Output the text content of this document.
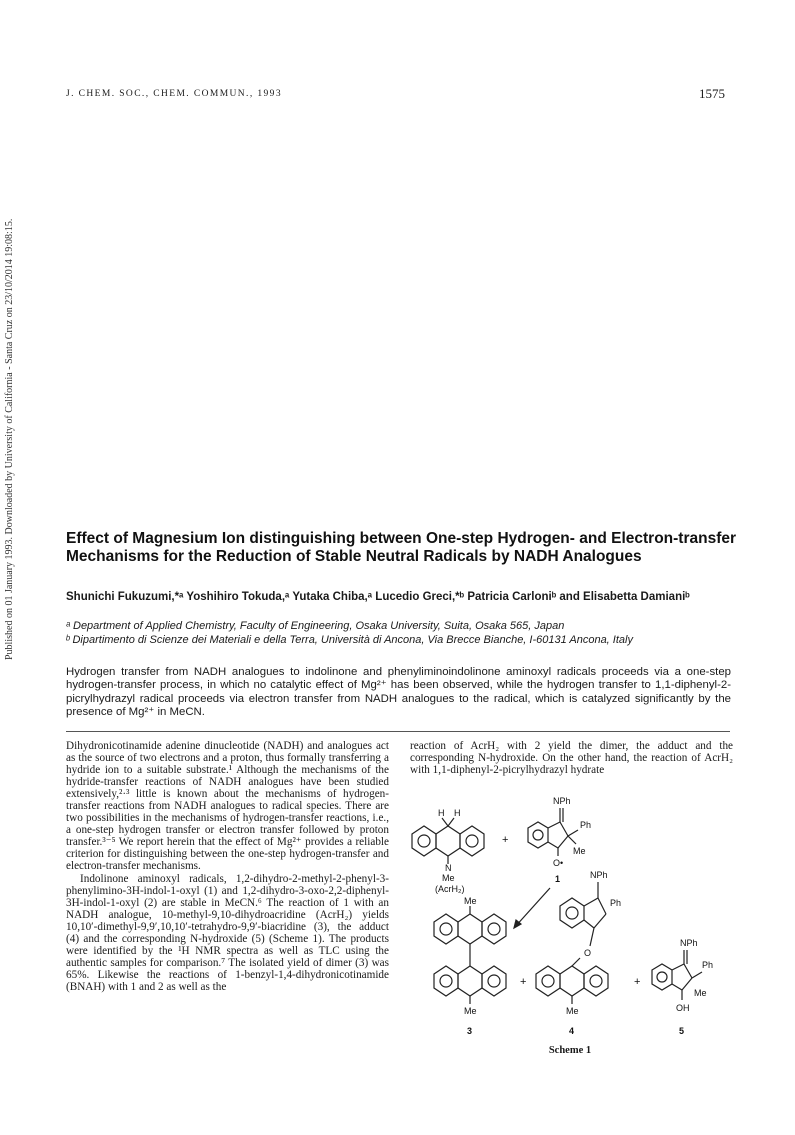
J. CHEM. SOC., CHEM. COMMUN., 1993	1575
Published on 01 January 1993. Downloaded by University of California - Santa Cruz on 23/10/2014 19:08:15.	Effect of Magnesium Ion distinguishing between One-step Hydrogen- and Electron-transfer Mechanisms for the Reduction of Stable Neutral Radicals by NADH Analogues
Shunichi Fukuzumi,*ᵃ Yoshihiro Tokuda,ᵃ Yutaka Chiba,ᵃ Lucedio Greci,*ᵇ Patricia Carloniᵇ and Elisabetta Damianiᵇ
ᵃ Department of Applied Chemistry, Faculty of Engineering, Osaka University, Suita, Osaka 565, Japan
ᵇ Dipartimento di Scienze dei Materiali e della Terra, Università di Ancona, Via Brecce Bianche, I-60131 Ancona, Italy
Hydrogen transfer from NADH analogues to indolinone and phenyliminoindolinone aminoxyl radicals proceeds via a one-step hydrogen-transfer process, in which no catalytic effect of Mg²⁺ has been observed, while the hydrogen transfer to 1,1-diphenyl-2-picrylhydrazyl radical proceeds via electron transfer from NADH analogues to the radical, which is catalyzed significantly by the presence of Mg²⁺ in MeCN.

Dihydronicotinamide adenine dinucleotide (NADH) and analogues act as the source of two electrons and a proton, thus formally transferring a hydride ion to a suitable substrate.¹ Although the mechanisms of the hydride-transfer reactions of NADH analogues have been studied extensively,²·³ little is known about the mechanisms of hydrogen-transfer reactions from NADH analogues to radical species. There are two possibilities in the mechanisms of hydrogen-transfer reactions, i.e., a one-step hydrogen transfer or electron transfer followed by proton transfer.³⁻⁵ We report herein that the effect of Mg²⁺ provides a reliable criterion for distinguishing between the one-step hydrogen-transfer and electron-transfer mechanisms.

Indolinone aminoxyl radicals, 1,2-dihydro-2-methyl-2-phenyl-3-phenylimino-3H-indol-1-oxyl (1) and 1,2-dihydro-3-oxo-2,2-diphenyl-3H-indol-1-oxyl (2) are stable in MeCN.⁶ The reaction of 1 with an NADH analogue, 10-methyl-9,10-dihydroacridine (AcrH₂) yields 10,10′-dimethyl-9,9′,10,10′-tetrahydro-9,9′-biacridine (3), the adduct (4) and the corresponding N-hydroxide (5) (Scheme 1). The products were identified by the ¹H NMR spectra as well as TLC using the authentic samples for comparison.⁷ The isolated yield of dimer (3) was 65%. Likewise the reactions of 1-benzyl-1,4-dihydronicotinamide (BNAH) with 1 and 2 as well as the

reaction of AcrH₂ with 2 yield the dimer, the adduct and the corresponding N-hydroxide. On the other hand, the reaction of AcrH₂ with 1,1-diphenyl-2-picrylhydrazyl hydrate

H H
N
Me
(AcrH₂)
+
NPh
Ph
Me
O•
1
Me
Me
3
+
NPh
Ph
O
Me
4
+
NPh
Ph
Me
OH
5
Scheme 1
